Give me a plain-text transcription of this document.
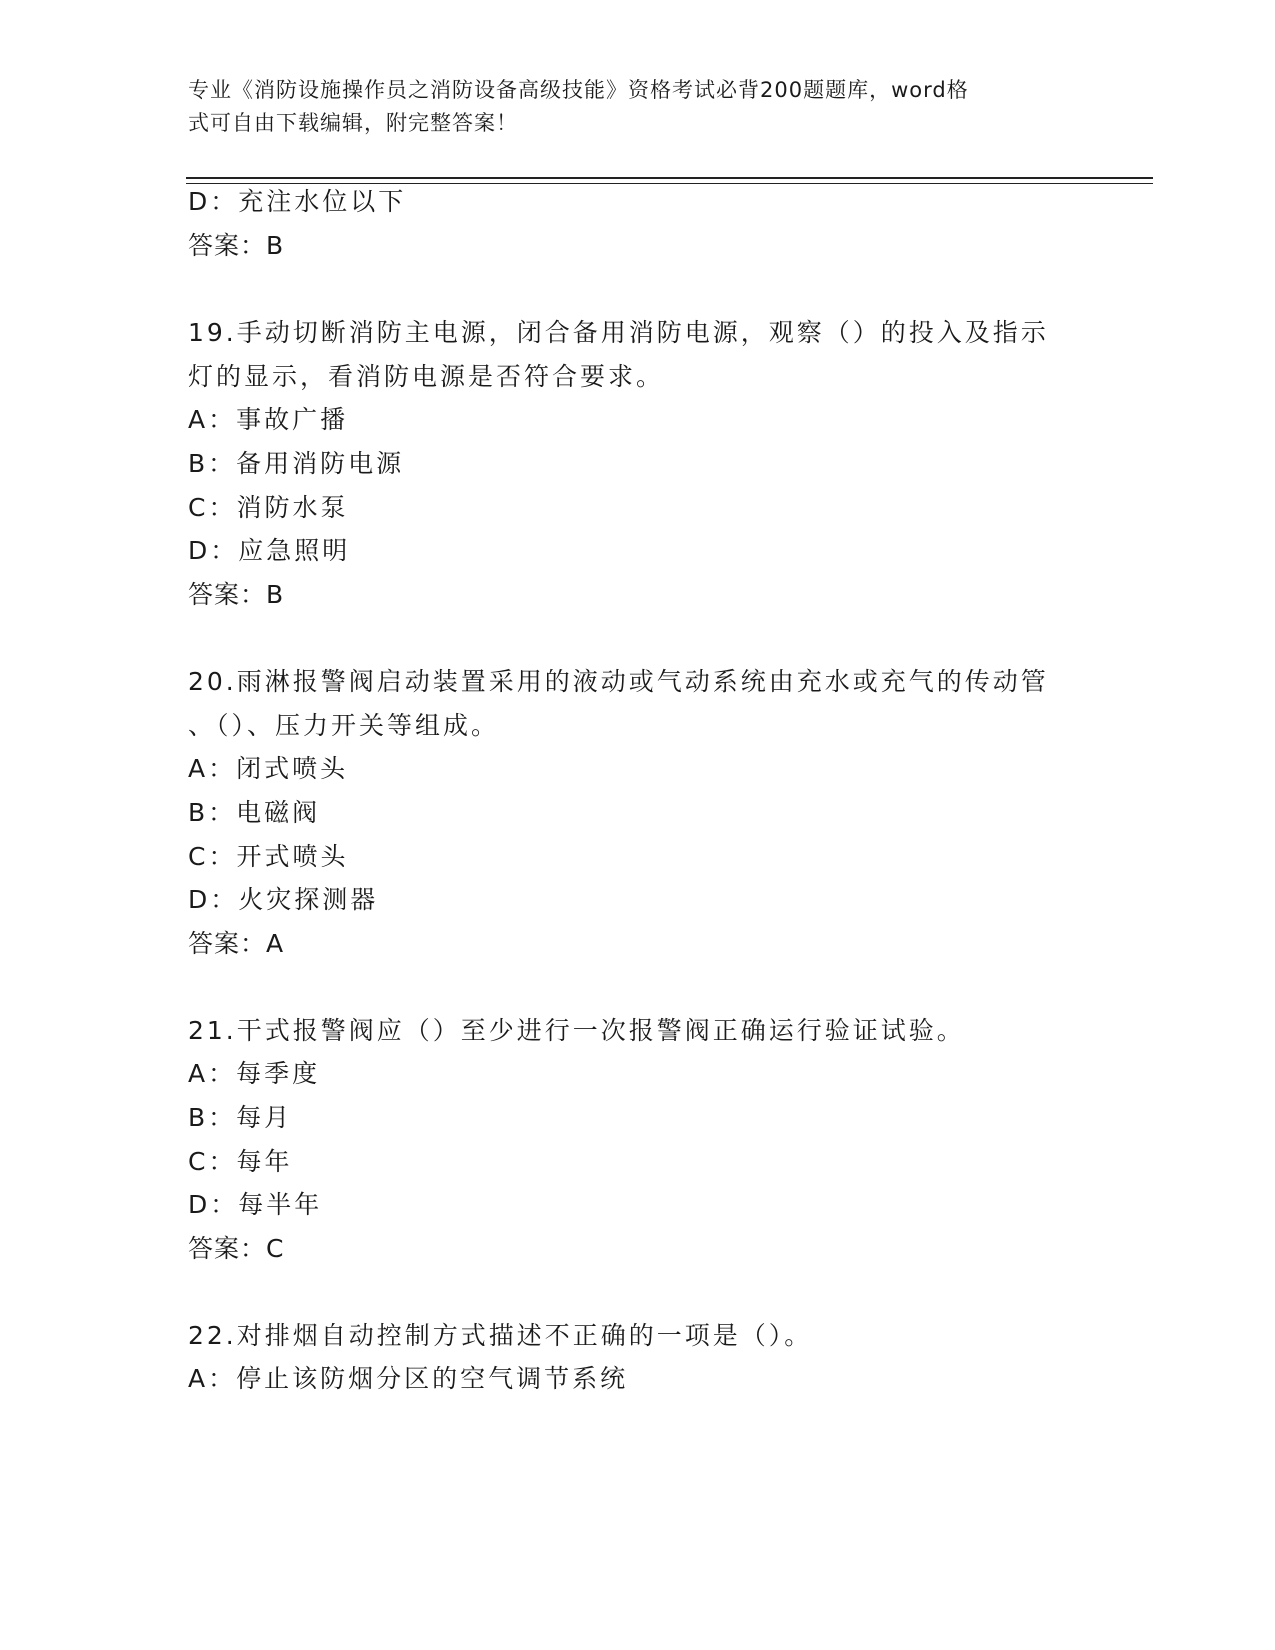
专业《消防设施操作员之消防设备高级技能》资格考试必背200题题库，word格
式可自由下载编辑，附完整答案！
D：充注水位以下
答案：B
19.手动切断消防主电源，闭合备用消防电源，观察（）的投入及指示
灯的显示，看消防电源是否符合要求。
A：事故广播
B：备用消防电源
C：消防水泵
D：应急照明
答案：B
20.雨淋报警阀启动装置采用的液动或气动系统由充水或充气的传动管
、（）、压力开关等组成。
A：闭式喷头
B：电磁阀
C：开式喷头
D：火灾探测器
答案：A
21.干式报警阀应（）至少进行一次报警阀正确运行验证试验。
A：每季度
B：每月
C：每年
D：每半年
答案：C
22.对排烟自动控制方式描述不正确的一项是（）。
A：停止该防烟分区的空气调节系统
